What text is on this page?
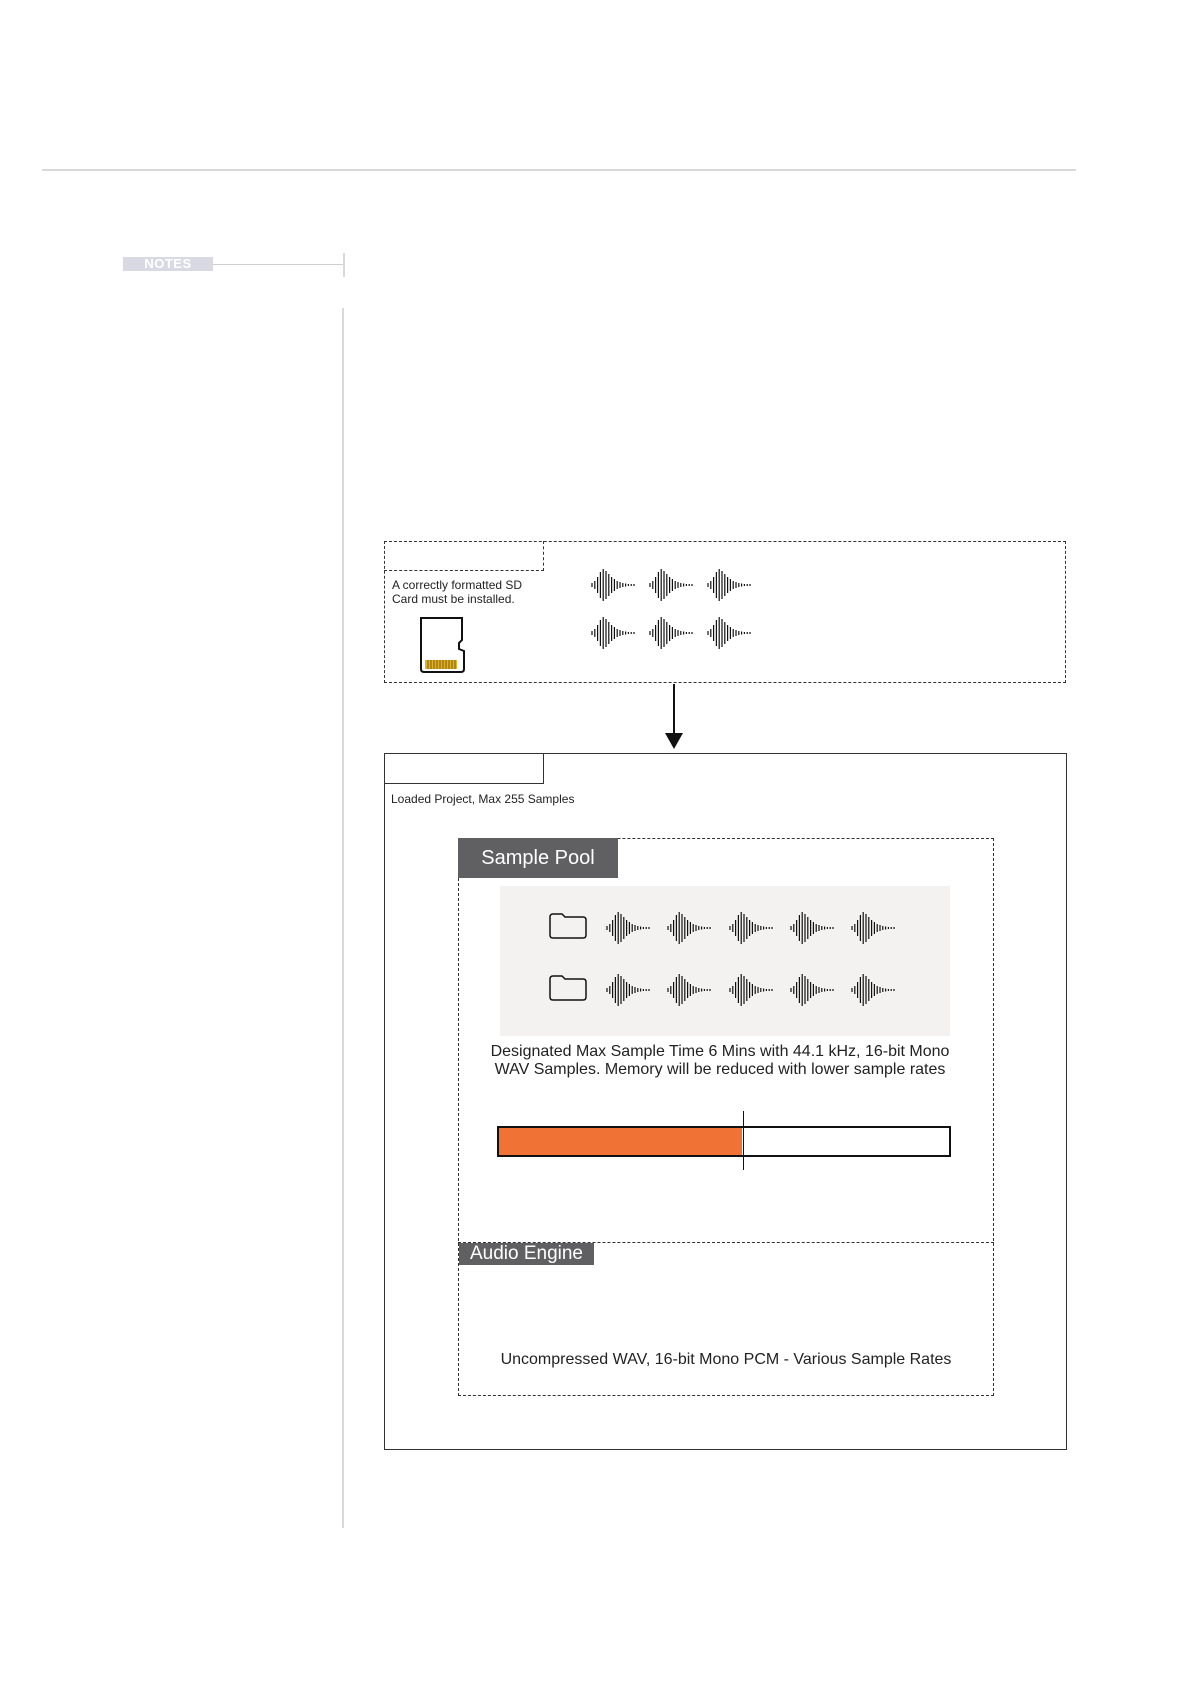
NOTES
A correctly formatted SD Card must be installed.
Loaded Project, Max 255 Samples
Sample Pool
Designated Max Sample Time 6 Mins with 44.1 kHz, 16-bit Mono
WAV Samples. Memory will be reduced with lower sample rates
Audio Engine
Uncompressed WAV, 16-bit Mono PCM - Various Sample Rates
